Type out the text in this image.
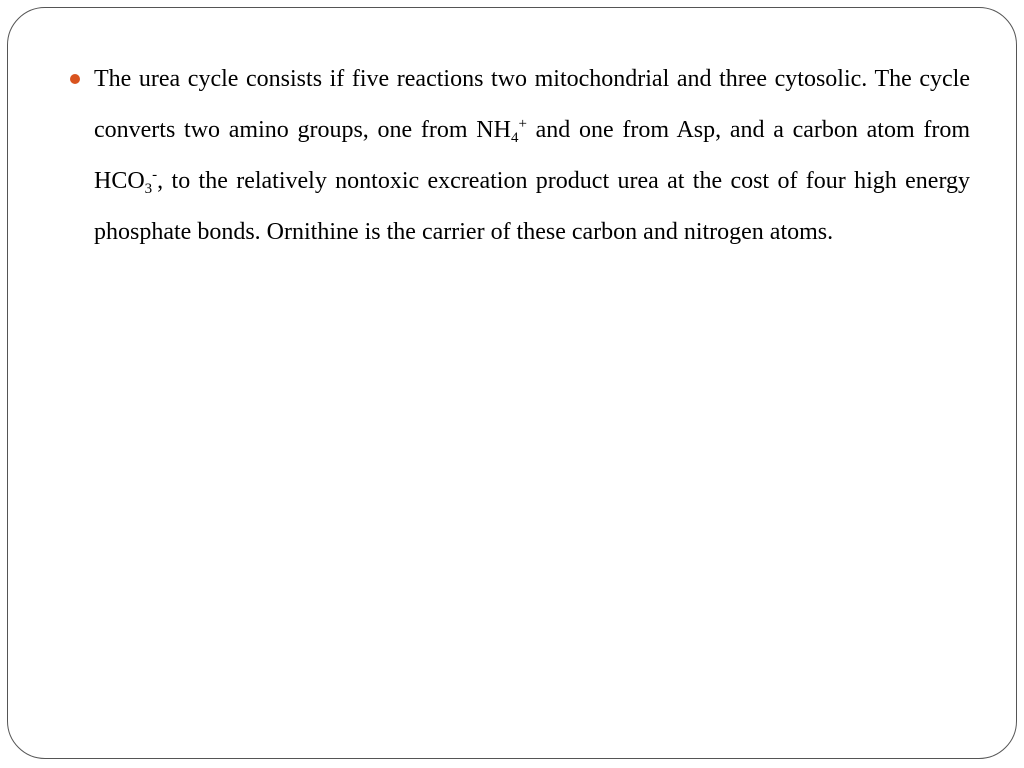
The urea cycle consists if five reactions two mitochondrial and three cytosolic. The cycle converts two amino groups, one from $NH_4^+$ and one from Asp, and a carbon atom from $HCO_3^-$, to the relatively nontoxic excreation product urea at the cost of four high energy phosphate bonds. Ornithine is the carrier of these carbon and nitrogen atoms.
